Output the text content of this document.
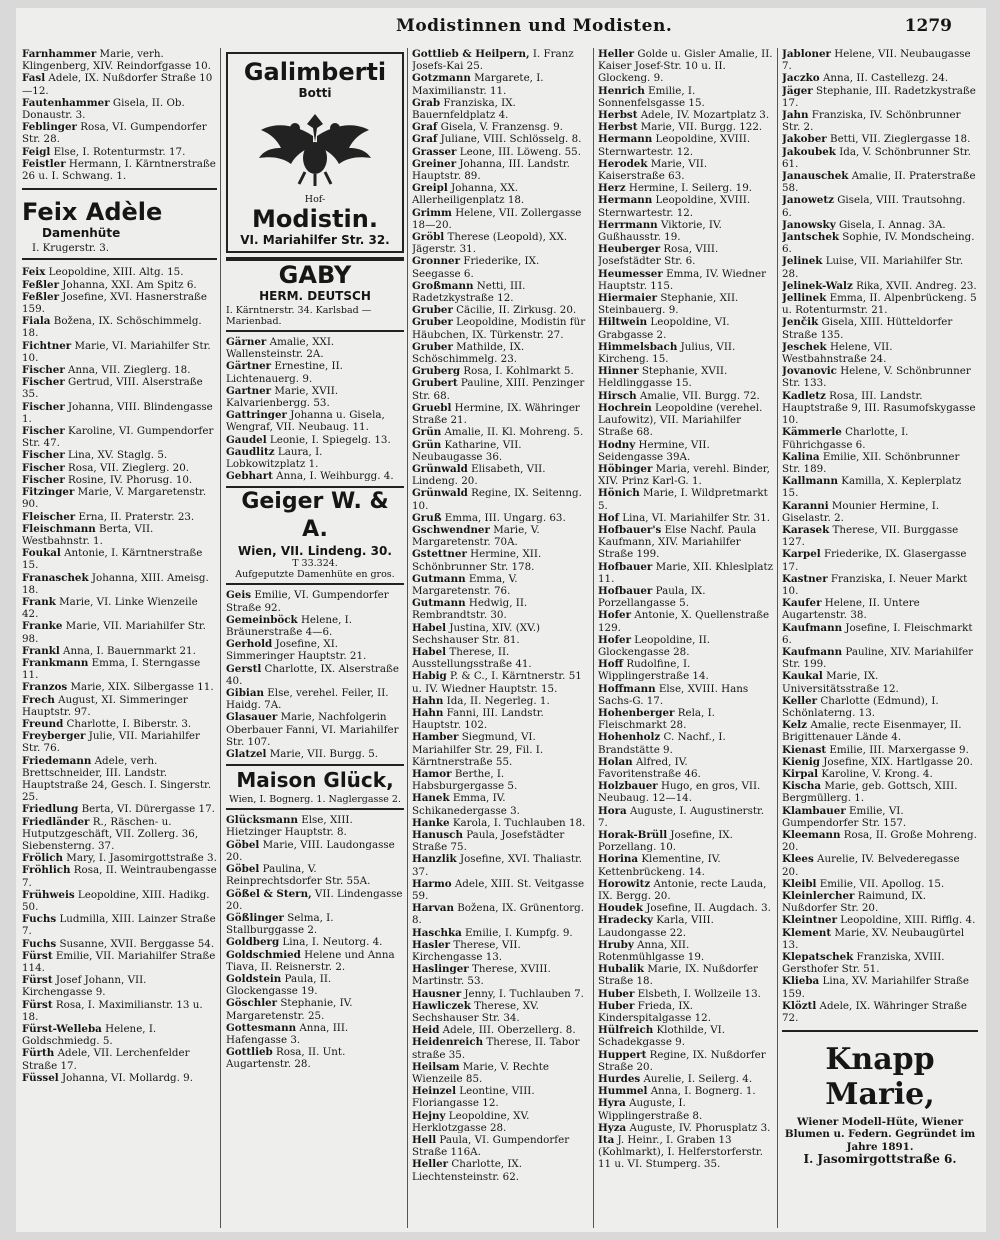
Modistinnen und Modisten.	1279
Farnhammer Marie, verh. Klingenberg, XIV. Reindorfgasse 10.
Fasl Adele, IX. Nußdorfer Straße 10—12.
Fautenhammer Gisela, II. Ob. Donaustr. 3.
Feblinger Rosa, VI. Gumpendorfer Str. 28.
Feigl Else, I. Rotenturmstr. 17.
Feistler Hermann, I. Kärntnerstraße 26 u. I. Schwang. 1.
Feix Adèle
Damenhüte
I. Krugerstr. 3.
Feix Leopoldine, XIII. Altg. 15.
Feßler Johanna, XXI. Am Spitz 6.
Feßler Josefine, XVI. Hasnerstraße 159.
Fiala Božena, IX. Schöschimmelg. 18.
Fichtner Marie, VI. Mariahilfer Str. 10.
Fischer Anna, VII. Zieglerg. 18.
Fischer Gertrud, VIII. Alserstraße 35.
Fischer Johanna, VIII. Blindengasse 1.
Fischer Karoline, VI. Gumpendorfer Str. 47.
Fischer Lina, XV. Staglg. 5.
Fischer Rosa, VII. Zieglerg. 20.
Fischer Rosine, IV. Phorusg. 10.
Fitzinger Marie, V. Margaretenstr. 90.
Fleischer Erna, II. Praterstr. 23.
Fleischmann Berta, VII. Westbahnstr. 1.
Foukal Antonie, I. Kärntnerstraße 15.
Franaschek Johanna, XIII. Ameisg. 18.
Frank Marie, VI. Linke Wienzeile 42.
Franke Marie, VII. Mariahilfer Str. 98.
Frankl Anna, I. Bauernmarkt 21.
Frankmann Emma, I. Sterngasse 11.
Franzos Marie, XIX. Silbergasse 11.
Frech August, XI. Simmeringer Hauptstr. 97.
Freund Charlotte, I. Biberstr. 3.
Freyberger Julie, VII. Mariahilfer Str. 76.
Friedemann Adele, verh. Brettschneider, III. Landstr. Hauptstraße 24, Gesch. I. Singerstr. 25.
Friedlung Berta, VI. Dürergasse 17.
Friedländer R., Räschen- u. Hutputzgeschäft, VII. Zollerg. 36, Siebensterng. 37.
Frölich Mary, I. Jasomirgottstraße 3.
Fröhlich Rosa, II. Weintraubengasse 7.
Frühweis Leopoldine, XIII. Hadikg. 50.
Fuchs Ludmilla, XIII. Lainzer Straße 7.
Fuchs Susanne, XVII. Berggasse 54.
Fürst Emilie, VII. Mariahilfer Straße 114.
Fürst Josef Johann, VII. Kirchengasse 9.
Fürst Rosa, I. Maximilianstr. 13 u. 18.
Fürst-Welleba Helene, I. Goldschmiedg. 5.
Fürth Adele, VII. Lerchenfelder Straße 17.
Füssel Johanna, VI. Mollardg. 9.
Galimberti
Botti
Hof-
Modistin.
VI. Mariahilfer Str. 32.
GABY
HERM. DEUTSCH
I. Kärntnerstr. 34. Karlsbad — Marienbad.
Gärner Amalie, XXI. Wallensteinstr. 2A.
Gärtner Ernestine, II. Lichtenauerg. 9.
Gartner Marie, XVII. Kalvarienbergg. 53.
Gattringer Johanna u. Gisela, Wengraf, VII. Neubaug. 11.
Gaudel Leonie, I. Spiegelg. 13.
Gaudlitz Laura, I. Lobkowitzplatz 1.
Gebhart Anna, I. Weihburgg. 4.
Geiger W. & A.
Wien, VII. Lindeng. 30.
T 33.324.
Aufgeputzte Damenhüte en gros.
Geis Emilie, VI. Gumpendorfer Straße 92.
Gemeinböck Helene, I. Bräunerstraße 4—6.
Gerhold Josefine, XI. Simmeringer Hauptstr. 21.
Gerstl Charlotte, IX. Alserstraße 40.
Gibian Else, verehel. Feiler, II. Haidg. 7A.
Glasauer Marie, Nachfolgerin Oberbauer Fanni, VI. Mariahilfer Str. 107.
Glatzel Marie, VII. Burgg. 5.
Maison Glück,
Wien, I. Bognerg. 1. Naglergasse 2.
Glücksmann Else, XIII. Hietzinger Hauptstr. 8.
Göbel Marie, VIII. Laudongasse 20.
Göbel Paulina, V. Reinprechtsdorfer Str. 55A.
Gößel & Stern, VII. Lindengasse 20.
Gößlinger Selma, I. Stallburggasse 2.
Goldberg Lina, I. Neutorg. 4.
Goldschmied Helene und Anna Tiava, II. Reisnerstr. 2.
Goldstein Paula, II. Glockengasse 19.
Göschler Stephanie, IV. Margaretenstr. 25.
Gottesmann Anna, III. Hafengasse 3.
Gottlieb Rosa, II. Unt. Augartenstr. 28.
Gottlieb & Heilpern, I. Franz Josefs-Kai 25.
Gotzmann Margarete, I. Maximilianstr. 11.
Grab Franziska, IX. Bauernfeldplatz 4.
Graf Gisela, V. Franzensg. 9.
Graf Juliane, VIII. Schlösselg. 8.
Grasser Leone, III. Löweng. 55.
Greiner Johanna, III. Landstr. Hauptstr. 89.
Greipl Johanna, XX. Allerheiligenplatz 18.
Grimm Helene, VII. Zollergasse 18—20.
Gröbl Therese (Leopold), XX. Jägerstr. 31.
Gronner Friederike, IX. Seegasse 6.
Großmann Netti, III. Radetzkystraße 12.
Gruber Cäcilie, II. Zirkusg. 20.
Gruber Leopoldine, Modistin für Häubchen, IX. Türkenstr. 27.
Gruber Mathilde, IX. Schöschimmelg. 23.
Gruberg Rosa, I. Kohlmarkt 5.
Grubert Pauline, XIII. Penzinger Str. 68.
Gruebl Hermine, IX. Währinger Straße 21.
Grün Amalie, II. Kl. Mohreng. 5.
Grün Katharine, VII. Neubaugasse 36.
Grünwald Elisabeth, VII. Lindeng. 20.
Grünwald Regine, IX. Seitenng. 10.
Gruß Emma, III. Ungarg. 63.
Gschwendner Marie, V. Margaretenstr. 70A.
Gstettner Hermine, XII. Schönbrunner Str. 178.
Gutmann Emma, V. Margaretenstr. 76.
Gutmann Hedwig, II. Rembrandtstr. 30.
Habel Justina, XIV. (XV.) Sechshauser Str. 81.
Habel Therese, II. Ausstellungsstraße 41.
Habig P. & C., I. Kärntnerstr. 51 u. IV. Wiedner Hauptstr. 15.
Hahn Ida, II. Negerleg. 1.
Hahn Fanni, III. Landstr. Hauptstr. 102.
Hamber Siegmund, VI. Mariahilfer Str. 29, Fil. I. Kärntnerstraße 55.
Hamor Berthe, I. Habsburgergasse 5.
Hanek Emma, IV. Schikanedergasse 3.
Hanke Karola, I. Tuchlauben 18.
Hanusch Paula, Josefstädter Straße 75.
Hanzlik Josefine, XVI. Thaliastr. 37.
Harmo Adele, XIII. St. Veitgasse 59.
Harvan Božena, IX. Grünentorg. 8.
Haschka Emilie, I. Kumpfg. 9.
Hasler Therese, VII. Kirchengasse 13.
Haslinger Therese, XVIII. Martinstr. 53.
Hausner Jenny, I. Tuchlauben 7.
Hawliczek Therese, XV. Sechshauser Str. 34.
Heid Adele, III. Oberzellerg. 8.
Heidenreich Therese, II. Tabor straße 35.
Heilsam Marie, V. Rechte Wienzeile 85.
Heinzel Leontine, VIII. Floriangasse 12.
Hejny Leopoldine, XV. Herklotzgasse 28.
Hell Paula, VI. Gumpendorfer Straße 116A.
Heller Charlotte, IX. Liechtensteinstr. 62.
Heller Golde u. Gisler Amalie, II. Kaiser Josef-Str. 10 u. II. Glockeng. 9.
Henrich Emilie, I. Sonnenfelsgasse 15.
Herbst Adele, IV. Mozartplatz 3.
Herbst Marie, VII. Burgg. 122.
Hermann Leopoldine, XVIII. Sternwartestr. 12.
Herodek Marie, VII. Kaiserstraße 63.
Herz Hermine, I. Seilerg. 19.
Hermann Leopoldine, XVIII. Sternwartestr. 12.
Herrmann Viktorie, IV. Gußhausstr. 19.
Heuberger Rosa, VIII. Josefstädter Str. 6.
Heumesser Emma, IV. Wiedner Hauptstr. 115.
Hiermaier Stephanie, XII. Steinbauerg. 9.
Hiltwein Leopoldine, VI. Grabgasse 2.
Himmelsbach Julius, VII. Kircheng. 15.
Hinner Stephanie, XVII. Heldlinggasse 15.
Hirsch Amalie, VII. Burgg. 72.
Hochrein Leopoldine (verehel. Laufowitz), VII. Mariahilfer Straße 68.
Hodny Hermine, VII. Seidengasse 39A.
Höbinger Maria, verehl. Binder, XIV. Prinz Karl-G. 1.
Hönich Marie, I. Wildpretmarkt 5.
Hof Lina, VI. Mariahilfer Str. 31.
Hofbauer's Else Nachf. Paula Kaufmann, XIV. Mariahilfer Straße 199.
Hofbauer Marie, XII. Khleslplatz 11.
Hofbauer Paula, IX. Porzellangasse 5.
Hofer Antonie, X. Quellenstraße 129.
Hofer Leopoldine, II. Glockengasse 28.
Hoff Rudolfine, I. Wipplingerstraße 14.
Hoffmann Else, XVIII. Hans Sachs-G. 17.
Hohenberger Rela, I. Fleischmarkt 28.
Hohenholz C. Nachf., I. Brandstätte 9.
Holan Alfred, IV. Favoritenstraße 46.
Holzbauer Hugo, en gros, VII. Neubaug. 12—14.
Hora Auguste, I. Augustinerstr. 7.
Horak-Brüll Josefine, IX. Porzellang. 10.
Horina Klementine, IV. Kettenbrückeng. 14.
Horowitz Antonie, recte Lauda, IX. Bergg. 20.
Houdek Josefine, II. Augdach. 3.
Hradecky Karla, VIII. Laudongasse 22.
Hruby Anna, XII. Rotenmühlgasse 19.
Hubalik Marie, IX. Nußdorfer Straße 18.
Huber Elsbeth, I. Wollzeile 13.
Huber Frieda, IX. Kinderspitalgasse 12.
Hülfreich Klothilde, VI. Schadekgasse 9.
Huppert Regine, IX. Nußdorfer Straße 20.
Hurdes Aurelie, I. Seilerg. 4.
Hummel Anna, I. Bognerg. 1.
Hyra Auguste, I. Wipplingerstraße 8.
Hyza Auguste, IV. Phorusplatz 3.
Ita J. Heinr., I. Graben 13 (Kohlmarkt), I. Helferstorferstr. 11 u. VI. Stumperg. 35.
Jabloner Helene, VII. Neubaugasse 7.
Jaczko Anna, II. Castellezg. 24.
Jäger Stephanie, III. Radetzkystraße 17.
Jahn Franziska, IV. Schönbrunner Str. 2.
Jakober Betti, VII. Zieglergasse 18.
Jakoubek Ida, V. Schönbrunner Str. 61.
Janauschek Amalie, II. Praterstraße 58.
Janowetz Gisela, VIII. Trautsohng. 6.
Janowsky Gisela, I. Annag. 3A.
Jantschek Sophie, IV. Mondscheing. 6.
Jelinek Luise, VII. Mariahilfer Str. 28.
Jelinek-Walz Rika, XVII. Andreg. 23.
Jellinek Emma, II. Alpenbrückeng. 5 u. Rotenturmstr. 21.
Jenčik Gisela, XIII. Hütteldorfer Straße 135.
Jeschek Helene, VII. Westbahnstraße 24.
Jovanovic Helene, V. Schönbrunner Str. 133.
Kadletz Rosa, III. Landstr. Hauptstraße 9, III. Rasumofskygasse 10.
Kämmerle Charlotte, I. Führichgasse 6.
Kalina Emilie, XII. Schönbrunner Str. 189.
Kallmann Kamilla, X. Keplerplatz 15.
Karanni Mounier Hermine, I. Giselastr. 2.
Karasek Therese, VII. Burggasse 127.
Karpel Friederike, IX. Glasergasse 17.
Kastner Franziska, I. Neuer Markt 10.
Kaufer Helene, II. Untere Augartenstr. 38.
Kaufmann Josefine, I. Fleischmarkt 6.
Kaufmann Pauline, XIV. Mariahilfer Str. 199.
Kaukal Marie, IX. Universitätsstraße 12.
Keller Charlotte (Edmund), I. Schönlaterng. 13.
Kelz Amalie, recte Eisenmayer, II. Brigittenauer Lände 4.
Kienast Emilie, III. Marxergasse 9.
Kienig Josefine, XIX. Hartlgasse 20.
Kirpal Karoline, V. Krong. 4.
Kischa Marie, geb. Gottsch, XIII. Bergmüllerg. 1.
Klambauer Emilie, VI. Gumpendorfer Str. 157.
Kleemann Rosa, II. Große Mohreng. 20.
Klees Aurelie, IV. Belvederegasse 20.
Kleibl Emilie, VII. Apollog. 15.
Kleinlercher Raimund, IX. Nußdorfer Str. 20.
Kleintner Leopoldine, XIII. Rifflg. 4.
Klement Marie, XV. Neubaugürtel 13.
Klepatschek Franziska, XVIII. Gersthofer Str. 51.
Klieba Lina, XV. Mariahilfer Straße 159.
Klöztl Adele, IX. Währinger Straße 72.
Knapp Marie,
Wiener Modell-Hüte, Wiener Blumen u. Federn. Gegründet im Jahre 1891.
I. Jasomirgottstraße 6.
